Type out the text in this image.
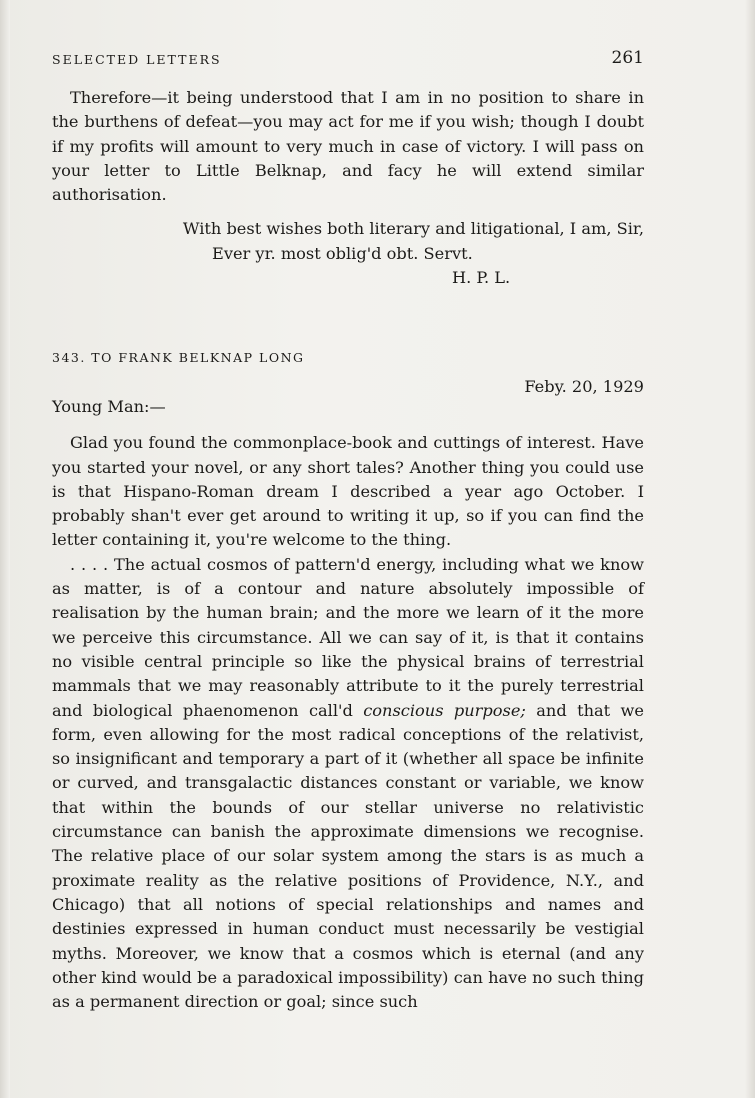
SELECTED LETTERS	261

Therefore—it being understood that I am in no position to share in the burthens of defeat—you may act for me if you wish; though I doubt if my profits will amount to very much in case of victory. I will pass on your letter to Little Belknap, and facy he will extend similar authorisation.

With best wishes both literary and litigational, I am, Sir,

Ever yr. most oblig'd obt. Servt.

H. P. L.

343. TO FRANK BELKNAP LONG
Feby. 20, 1929
Young Man:—

Glad you found the commonplace-book and cuttings of interest. Have you started your novel, or any short tales? Another thing you could use is that Hispano-Roman dream I described a year ago October. I probably shan't ever get around to writing it up, so if you can find the letter containing it, you're welcome to the thing.

. . . . The actual cosmos of pattern'd energy, including what we know as matter, is of a contour and nature absolutely impossible of realisation by the human brain; and the more we learn of it the more we perceive this circumstance. All we can say of it, is that it contains no visible central principle so like the physical brains of terrestrial mammals that we may reasonably attribute to it the purely terrestrial and biological phaenomenon call'd conscious purpose; and that we form, even allowing for the most radical conceptions of the relativist, so insignificant and temporary a part of it (whether all space be infinite or curved, and transgalactic distances constant or variable, we know that within the bounds of our stellar universe no relativistic circumstance can banish the approximate dimensions we recognise. The relative place of our solar system among the stars is as much a proximate reality as the relative positions of Providence, N.Y., and Chicago) that all notions of special relationships and names and destinies expressed in human conduct must necessarily be vestigial myths. Moreover, we know that a cosmos which is eternal (and any other kind would be a paradoxical impossibility) can have no such thing as a permanent direction or goal; since such
